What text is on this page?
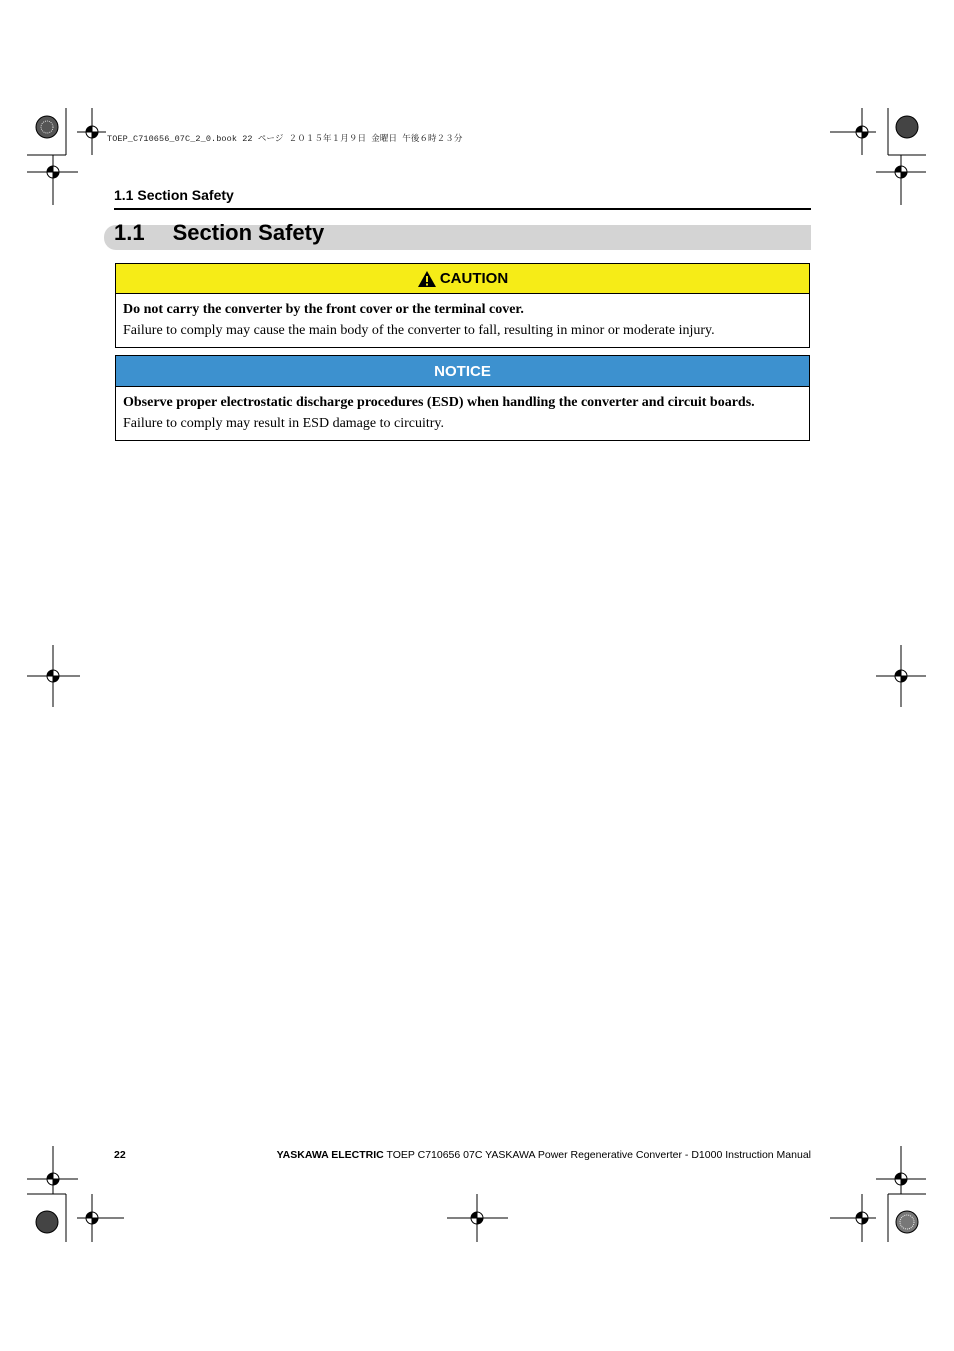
TOEP_C710656_07C_2_0.book 22 ページ ２０１５年１月９日 金曜日 午後６時２３分
1.1 Section Safety
1.1 Section Safety
CAUTION
Do not carry the converter by the front cover or the terminal cover.
Failure to comply may cause the main body of the converter to fall, resulting in minor or moderate injury.
NOTICE
Observe proper electrostatic discharge procedures (ESD) when handling the converter and circuit boards.
Failure to comply may result in ESD damage to circuitry.
22	YASKAWA ELECTRIC TOEP C710656 07C YASKAWA Power Regenerative Converter - D1000 Instruction Manual
